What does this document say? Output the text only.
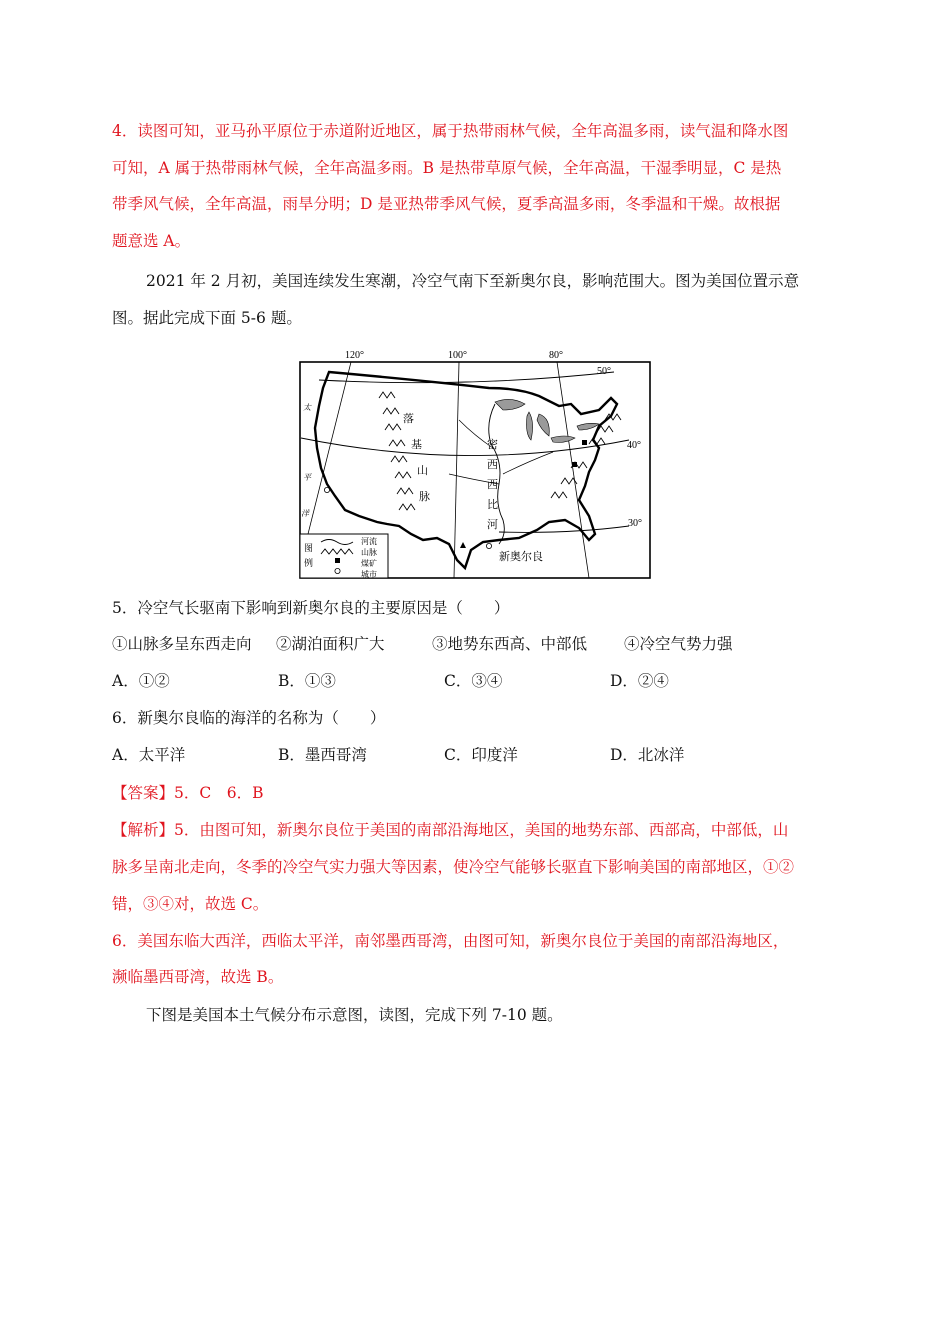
4．读图可知，亚马孙平原位于赤道附近地区，属于热带雨林气候，全年高温多雨，读气温和降水图
可知，A 属于热带雨林气候，全年高温多雨。B 是热带草原气候，全年高温，干湿季明显，C 是热
带季风气候，全年高温，雨旱分明；D 是亚热带季风气候，夏季高温多雨，冬季温和干燥。故根据
题意选 A。
2021 年 2 月初，美国连续发生寒潮，冷空气南下至新奥尔良，影响范围大。图为美国位置示意
图。据此完成下面 5-6 题。
120°	100°	80°
50°
40°
30°
落
基
山
脉
密
西
西
比
河
太
平
洋
新奥尔良
图
例
河流
山脉
煤矿
城市
5．冷空气长驱南下影响到新奥尔良的主要原因是（　　）
①山脉多呈东西走向 ②湖泊面积广大	③地势东西高、中部低 ④冷空气势力强
A．①②	B．①③	C．③④	D．②④
6．新奥尔良临的海洋的名称为（　　）
A．太平洋	B．墨西哥湾	C．印度洋	D．北冰洋
【答案】5．C　6．B
【解析】5．由图可知，新奥尔良位于美国的南部沿海地区，美国的地势东部、西部高，中部低，山
脉多呈南北走向，冬季的冷空气实力强大等因素，使冷空气能够长驱直下影响美国的南部地区，①②
错，③④对，故选 C。
6．美国东临大西洋，西临太平洋，南邻墨西哥湾，由图可知，新奥尔良位于美国的南部沿海地区，
濒临墨西哥湾，故选 B。
下图是美国本土气候分布示意图，读图，完成下列 7-10 题。
